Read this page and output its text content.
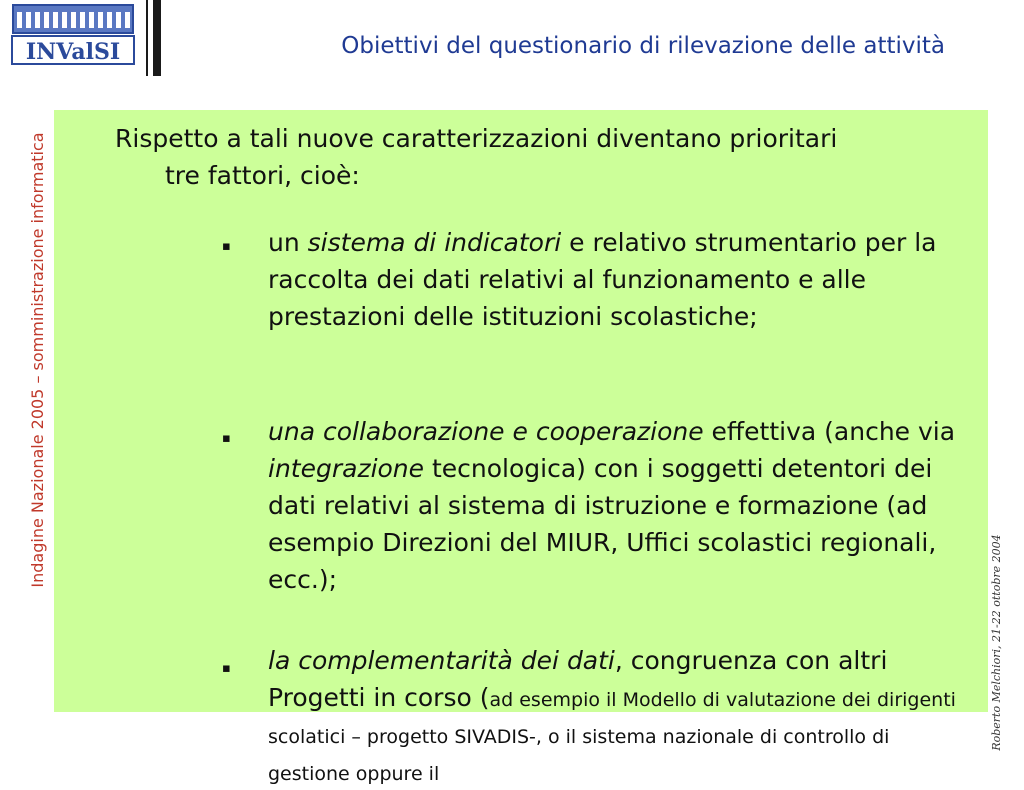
INValSI	Obiettivi del questionario di rilevazione delle attività
Indagine Nazionale 2005 – somministrazione informatica
Roberto Melchiori, 21-22 ottobre 2004
Rispetto a tali nuove caratterizzazioni diventano prioritari
tre fattori, cioè:
▪ un sistema di indicatori e relativo strumentario per la raccolta dei dati relativi al funzionamento e alle prestazioni delle istituzioni scolastiche;
▪ una collaborazione e cooperazione effettiva (anche via integrazione tecnologica) con i soggetti detentori dei dati relativi al sistema di istruzione e formazione (ad esempio Direzioni del MIUR, Uffici scolastici regionali, ecc.);
▪ la complementarità dei dati, congruenza con altri Progetti in corso (ad esempio il Modello di valutazione dei dirigenti scolatici – progetto SIVADIS-, o il sistema nazionale di controllo di gestione oppure il
